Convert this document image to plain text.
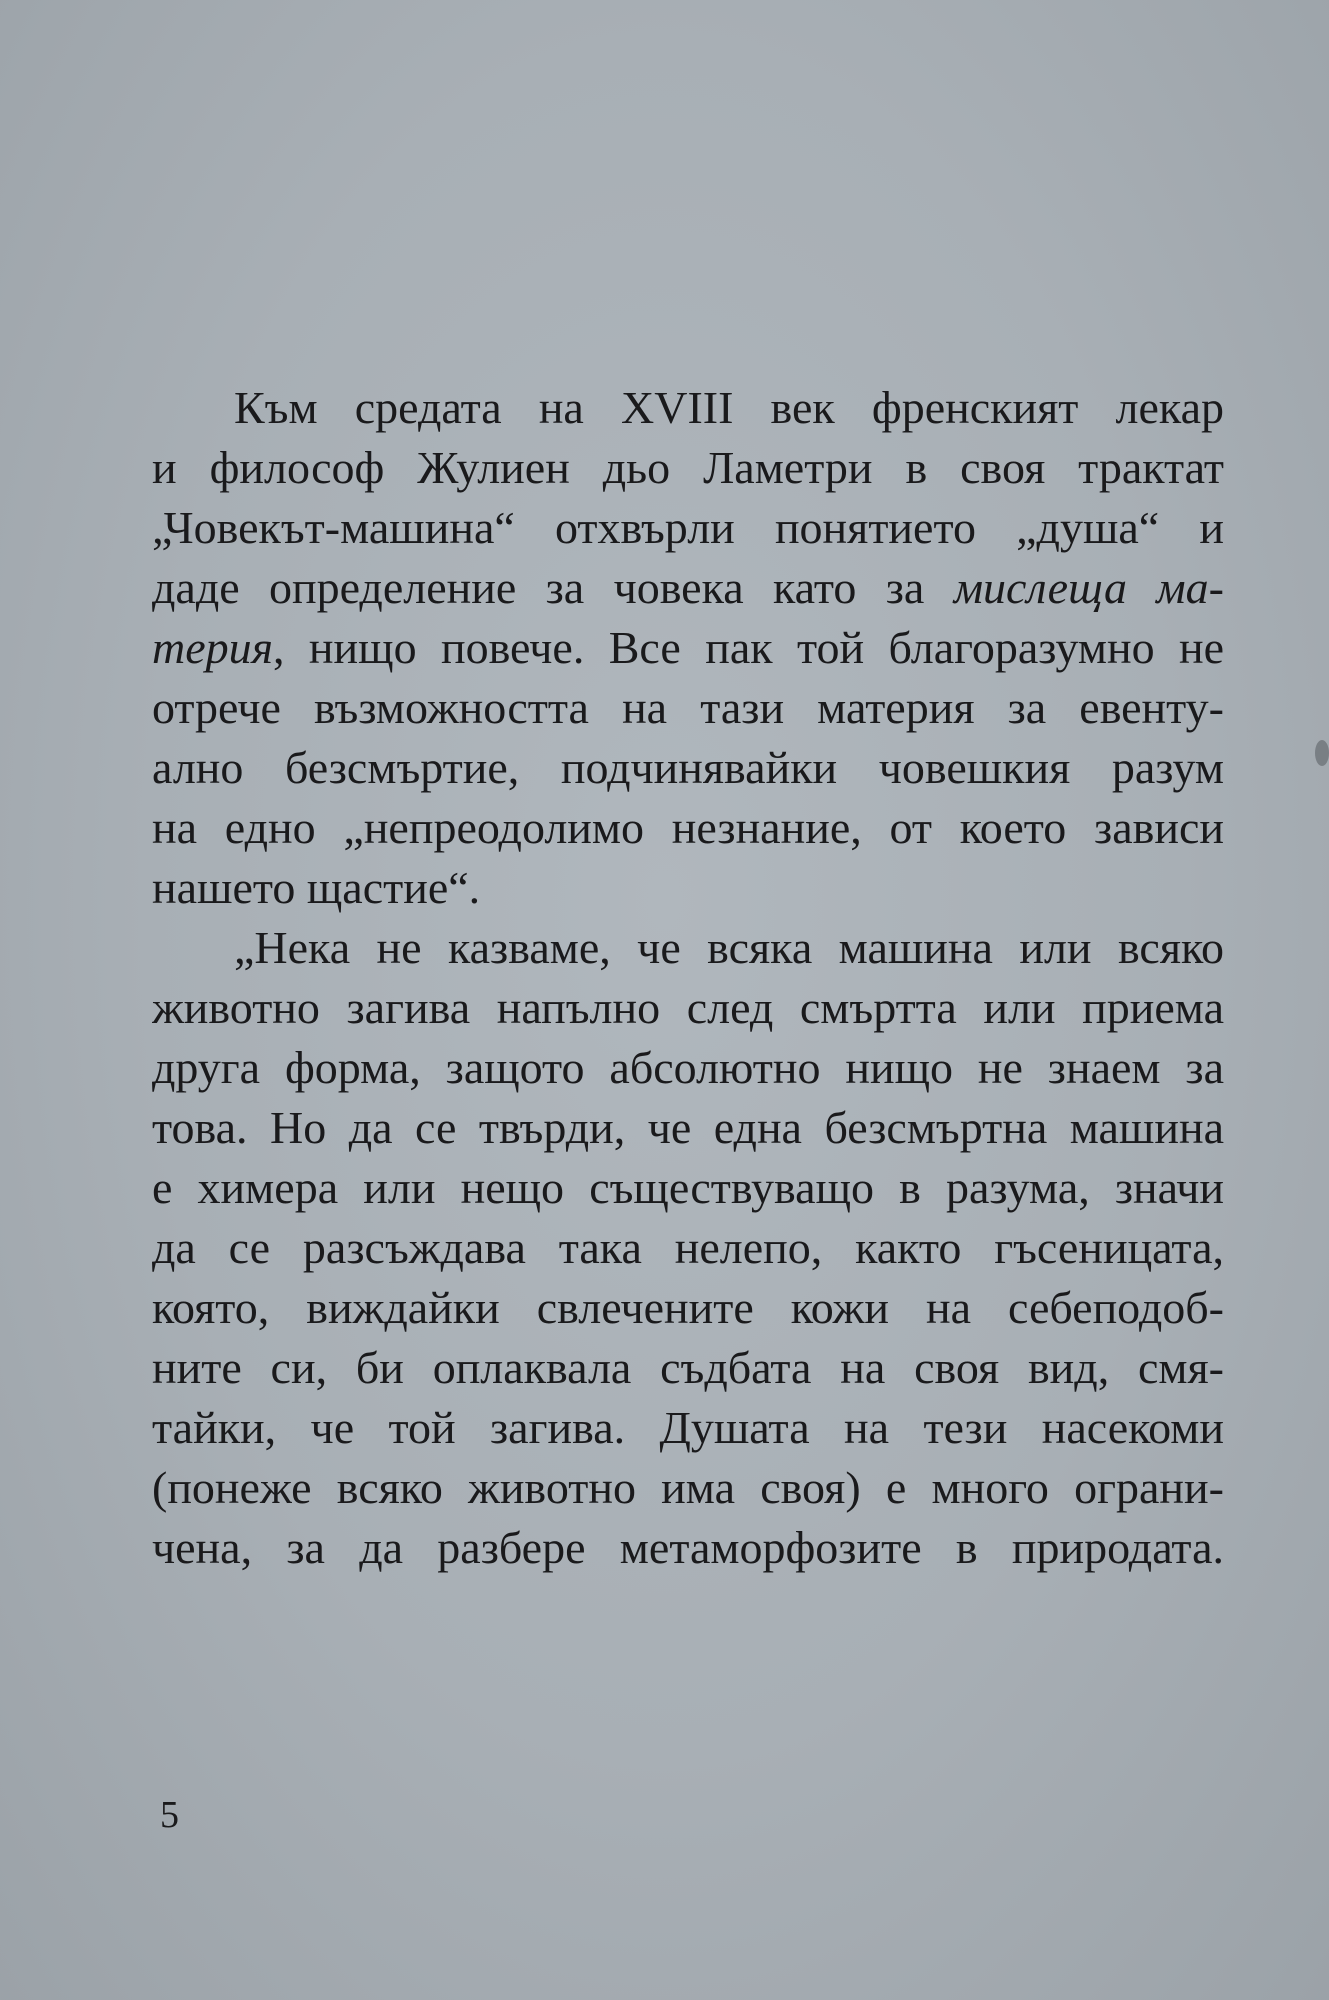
Към средата на XVIII век френският лекар
и философ Жулиен дьо Ламетри в своя трактат
„Човекът-машина“ отхвърли понятието „душа“ и
даде определение за човека като за мислеща ма-
терия, нищо повече. Все пак той благоразумно не
отрече възможността на тази материя за евенту-
ално безсмъртие, подчинявайки човешкия разум
на едно „непреодолимо незнание, от което зависи
нашето щастие“.
„Нека не казваме, че всяка машина или всяко
животно загива напълно след смъртта или приема
друга форма, защото абсолютно нищо не знаем за
това. Но да се твърди, че една безсмъртна машина
е химера или нещо съществуващо в разума, значи
да се разсъждава така нелепо, както гъсеницата,
която, виждайки свлечените кожи на себеподоб-
ните си, би оплаквала съдбата на своя вид, смя-
тайки, че той загива. Душата на тези насекоми
(понеже всяко животно има своя) е много ограни-
чена, за да разбере метаморфозите в природата.
5
